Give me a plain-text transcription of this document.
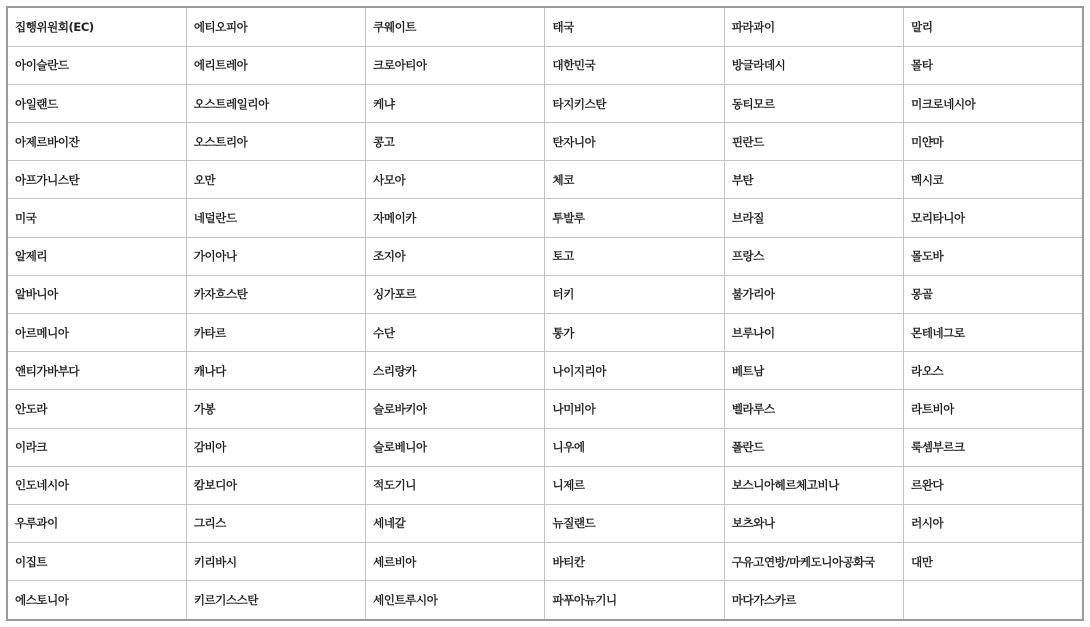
집행위원회(EC)	에티오피아	쿠웨이트	태국	파라과이	말리
아이슬란드	에리트레아	크로아티아	대한민국	방글라데시	몰타
아일랜드	오스트레일리아	케냐	타지키스탄	동티모르	미크로네시아
아제르바이잔	오스트리아	콩고	탄자니아	핀란드	미얀마
아프가니스탄	오만	사모아	체코	부탄	멕시코
미국	네덜란드	자메이카	투발루	브라질	모리타니아
알제리	가이아나	조지아	토고	프랑스	몰도바
알바니아	카자흐스탄	싱가포르	터키	불가리아	몽골
아르메니아	카타르	수단	통가	브루나이	몬테네그로
앤티가바부다	캐나다	스리랑카	나이지리아	베트남	라오스
안도라	가봉	슬로바키아	나미비아	벨라루스	라트비아
이라크	감비아	슬로베니아	니우에	폴란드	룩셈부르크
인도네시아	캄보디아	적도기니	니제르	보스니아헤르체고비나	르완다
우루과이	그리스	세네갈	뉴질랜드	보츠와나	러시아
이집트	키리바시	세르비아	바티칸	구유고연방/마케도니아공화국	대만
에스토니아	키르기스스탄	세인트루시아	파푸아뉴기니	마다가스카르	
